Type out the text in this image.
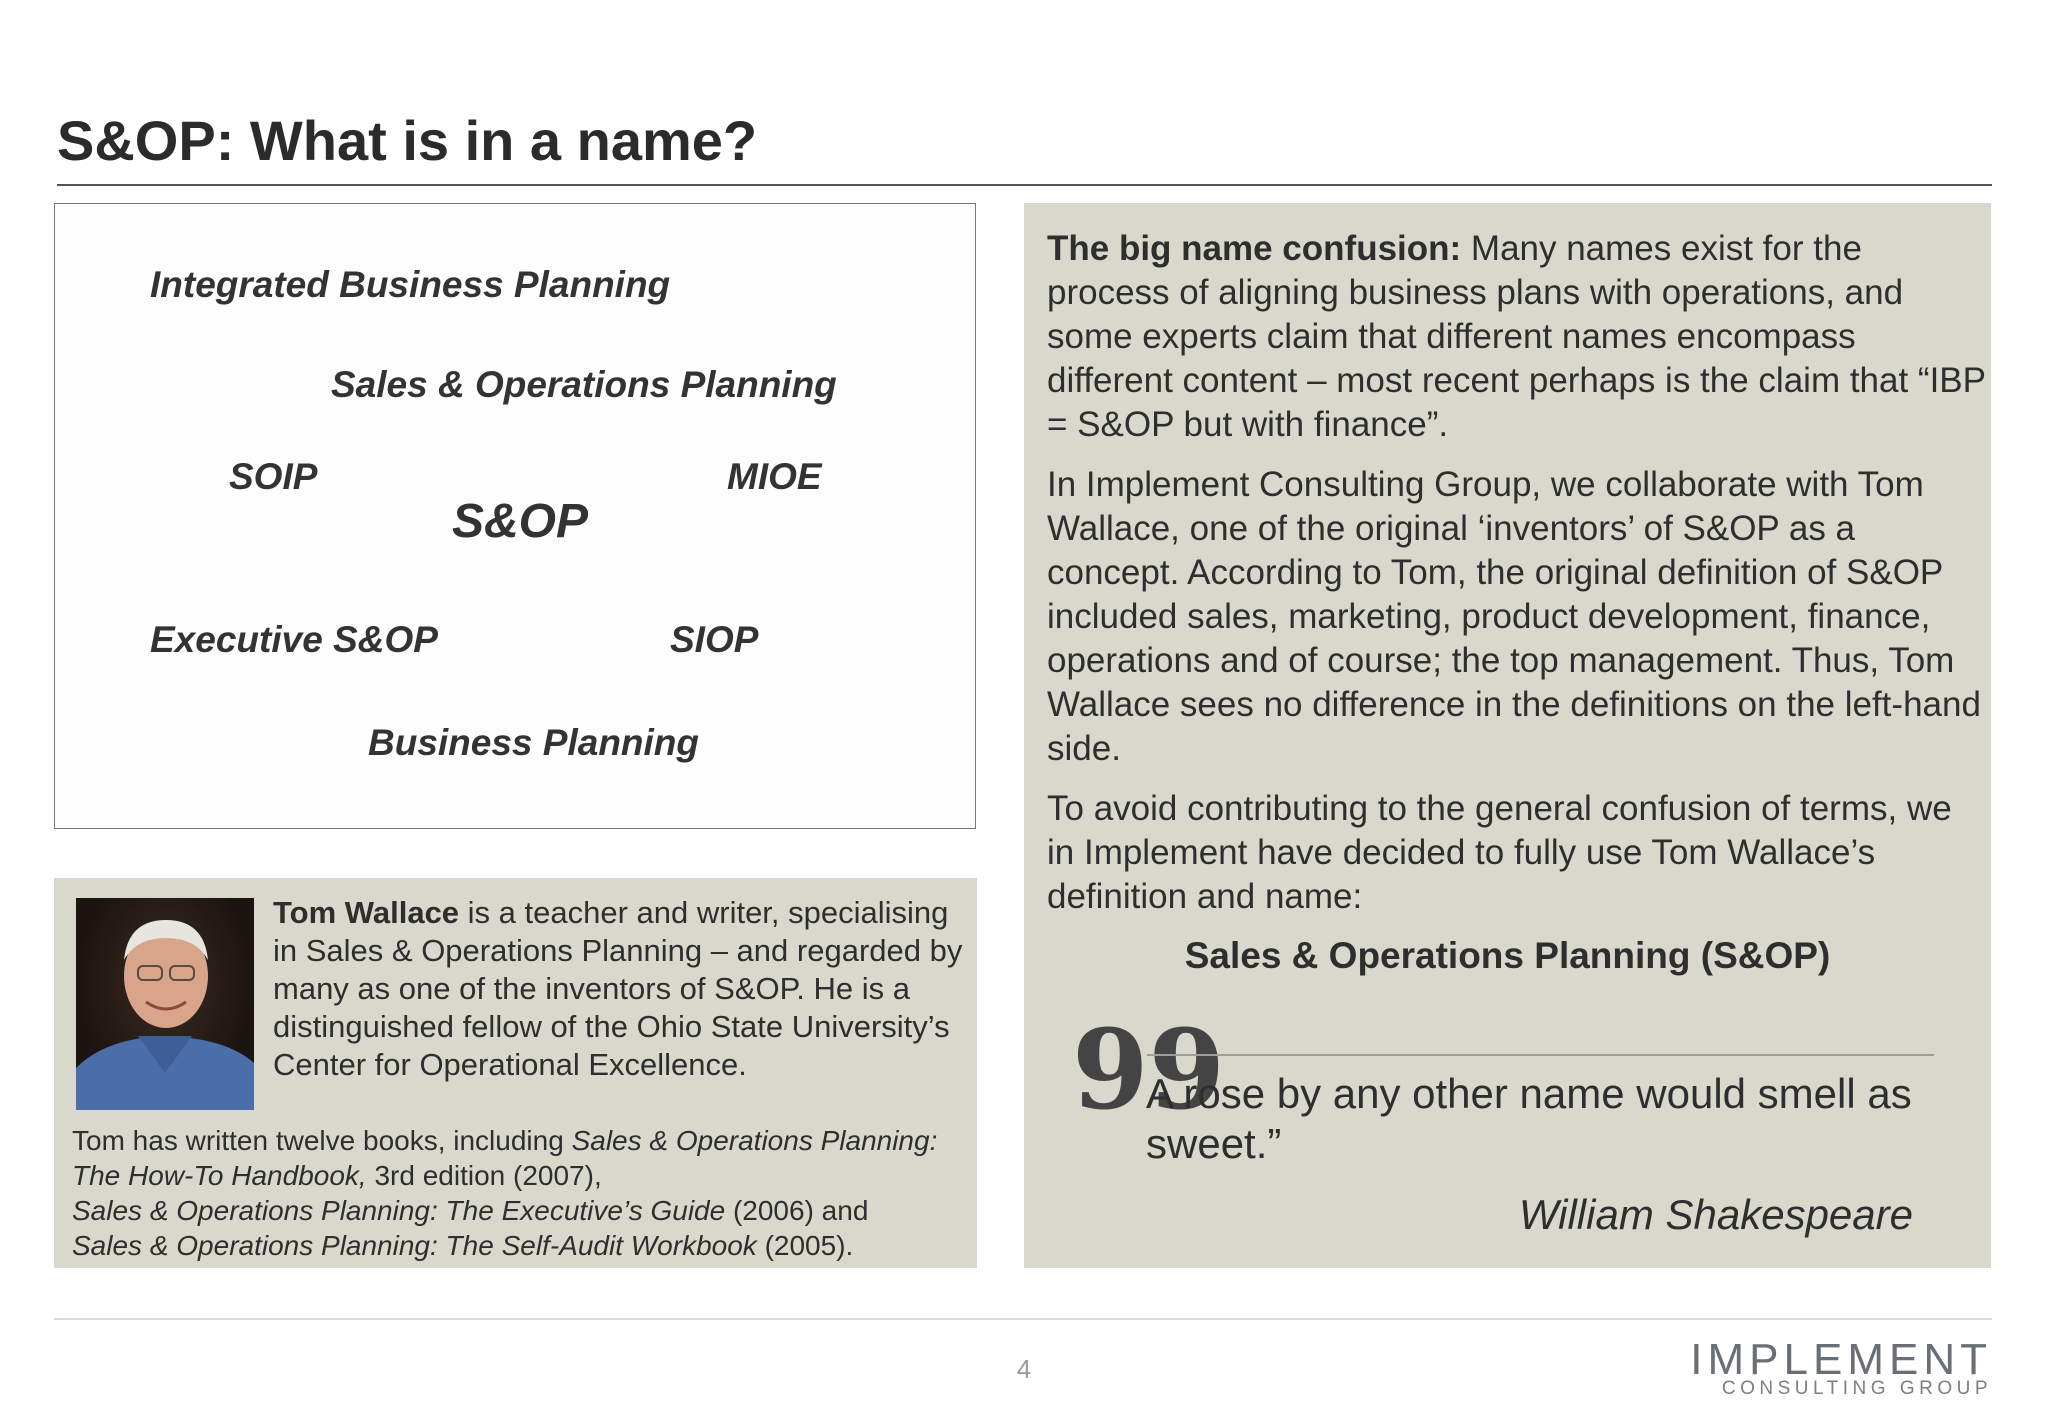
S&OP: What is in a name?
Integrated Business Planning
Sales & Operations Planning
SOIP	MIOE
S&OP
Executive S&OP	SIOP
Business Planning
Tom Wallace is a teacher and writer, specialising in Sales & Operations Planning – and regarded by many as one of the inventors of S&OP. He is a distinguished fellow of the Ohio State University’s Center for Operational Excellence.
Tom has written twelve books, including Sales & Operations Planning: The How-To Handbook, 3rd edition (2007),
Sales & Operations Planning: The Executive’s Guide (2006) and
Sales & Operations Planning: The Self-Audit Workbook (2005).
The big name confusion: Many names exist for the process of aligning business plans with operations, and some experts claim that different names encompass different content – most recent perhaps is the claim that “IBP = S&OP but with finance”.
In Implement Consulting Group, we collaborate with Tom Wallace, one of the original ‘inventors’ of S&OP as a concept. According to Tom, the original definition of S&OP included sales, marketing, product development, finance, operations and of course; the top management. Thus, Tom Wallace sees no difference in the definitions on the left-hand side.
To avoid contributing to the general confusion of terms, we in Implement have decided to fully use Tom Wallace’s definition and name:
Sales & Operations Planning (S&OP)
99
A rose by any other name would smell as sweet.”
William Shakespeare
4	IMPLEMENT
CONSULTING GROUP
